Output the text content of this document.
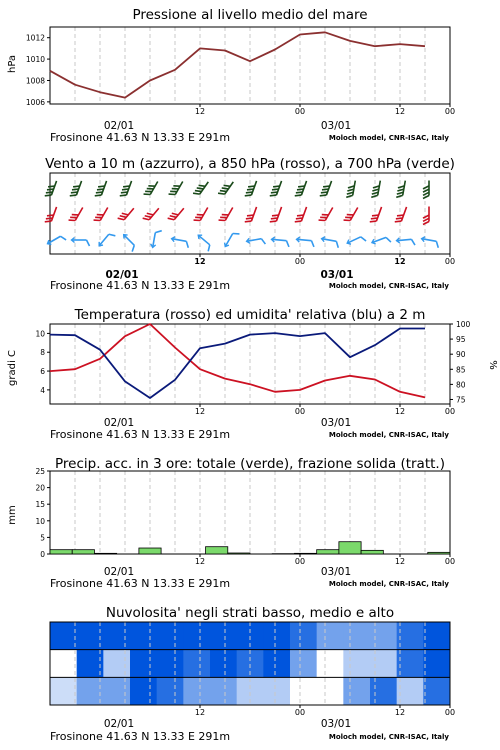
Pressione al livello medio del mare
hPa
12	00	12	00
1012
1010
1008
1006
02/01	03/01
Frosinone 41.63 N 13.33 E 291m	Moloch model, CNR-ISAC, Italy
Vento a 10 m (azzurro), a 850 hPa (rosso), a 700 hPa (verde)
12	00	12	00
02/01	03/01
Frosinone 41.63 N 13.33 E 291m	Moloch model, CNR-ISAC, Italy
Temperatura (rosso) ed umidita' relativa (blu) a 2 m
gradi C	%
12	00	12	00
10
8
6
4
100
95
90
85
80
75
02/01	03/01
Frosinone 41.63 N 13.33 E 291m	Moloch model, CNR-ISAC, Italy
Precip. acc. in 3 ore: totale (verde), frazione solida (tratt.)
mm
12	00	12	00
25
20
15
10
5
0
02/01	03/01
Frosinone 41.63 N 13.33 E 291m	Moloch model, CNR-ISAC, Italy
Nuvolosita' negli strati basso, medio e alto
12	00	12	00
02/01	03/01
Frosinone 41.63 N 13.33 E 291m	Moloch model, CNR-ISAC, Italy
